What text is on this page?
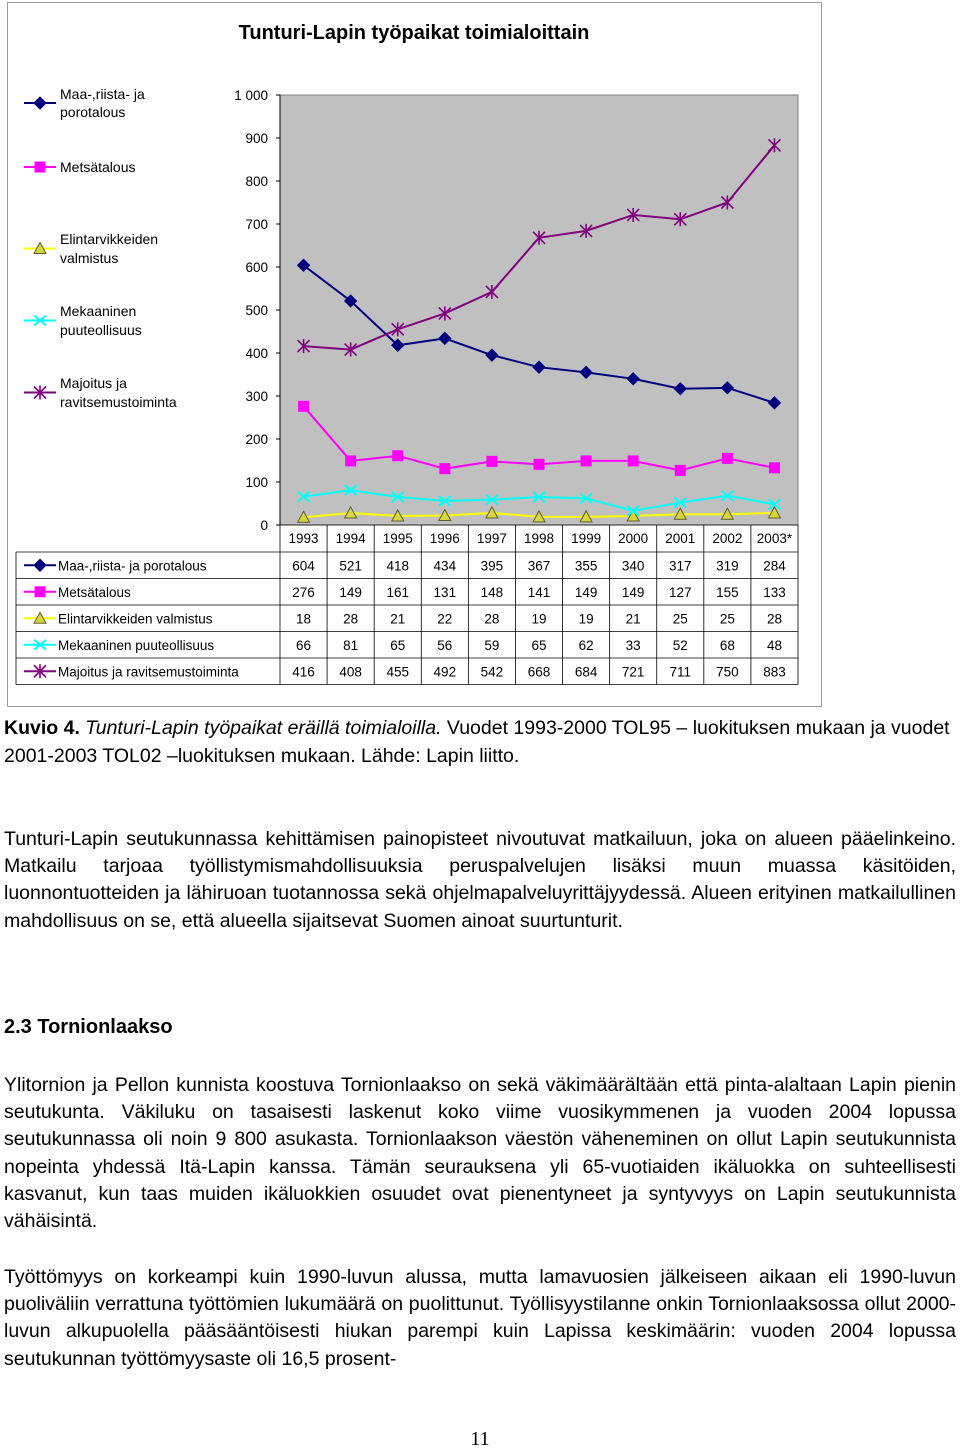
Tunturi-Lapin työpaikat toimialoittain
0
100
200
300
400
500
600
700
800
900
1 000
Maa-,riista- ja porotalous
Metsätalous
Elintarvikkeiden valmistus
Mekaaninen puuteollisuus
Majoitus ja ravitsemustoiminta
1993 1994 1995 1996 1997 1998 1999 2000 2001 2002 2003*
Maa-,riista- ja porotalous	604 521 418 434 395 367 355 340 317 319 284
Metsätalous	276 149 161 131 148 141 149 149 127 155 133
Elintarvikkeiden valmistus	18 28 21 22 28 19 19 21 25 25 28
Mekaaninen puuteollisuus	66 81 65 56 59 65 62 33 52 68 48
Majoitus ja ravitsemustoiminta	416 408 455 492 542 668 684 721 711 750 883
Kuvio 4. Tunturi-Lapin työpaikat eräillä toimialoilla. Vuodet 1993-2000 TOL95 – luokituksen mukaan ja vuodet 2001-2003 TOL02 –luokituksen mukaan. Lähde: Lapin liitto.

Tunturi-Lapin seutukunnassa kehittämisen painopisteet nivoutuvat matkailuun, joka on alueen pääelinkeino. Matkailu tarjoaa työllistymismahdollisuuksia peruspalvelujen lisäksi muun muassa käsitöiden, luonnontuotteiden ja lähiruoan tuotannossa sekä ohjelmapalveluyrittäjyydessä. Alueen erityinen matkailullinen mahdollisuus on se, että alueella sijaitsevat Suomen ainoat suurtunturit.

2.3 Tornionlaakso

Ylitornion ja Pellon kunnista koostuva Tornionlaakso on sekä väkimäärältään että pinta-alaltaan Lapin pienin seutukunta. Väkiluku on tasaisesti laskenut koko viime vuosikymmenen ja vuoden 2004 lopussa seutukunnassa oli noin 9 800 asukasta. Tornionlaakson väestön väheneminen on ollut Lapin seutukunnista nopeinta yhdessä Itä-Lapin kanssa. Tämän seurauksena yli 65-vuotiaiden ikäluokka on suhteellisesti kasvanut, kun taas muiden ikäluokkien osuudet ovat pienentyneet ja syntyvyys on Lapin seutukunnista vähäisintä.

Työttömyys on korkeampi kuin 1990-luvun alussa, mutta lamavuosien jälkeiseen aikaan eli 1990-luvun puoliväliin verrattuna työttömien lukumäärä on puolittunut. Työllisyystilanne onkin Tornionlaaksossa ollut 2000-luvun alkupuolella pääsääntöisesti hiukan parempi kuin Lapissa keskimäärin: vuoden 2004 lopussa seutukunnan työttömyysaste oli 16,5 prosent-

11
